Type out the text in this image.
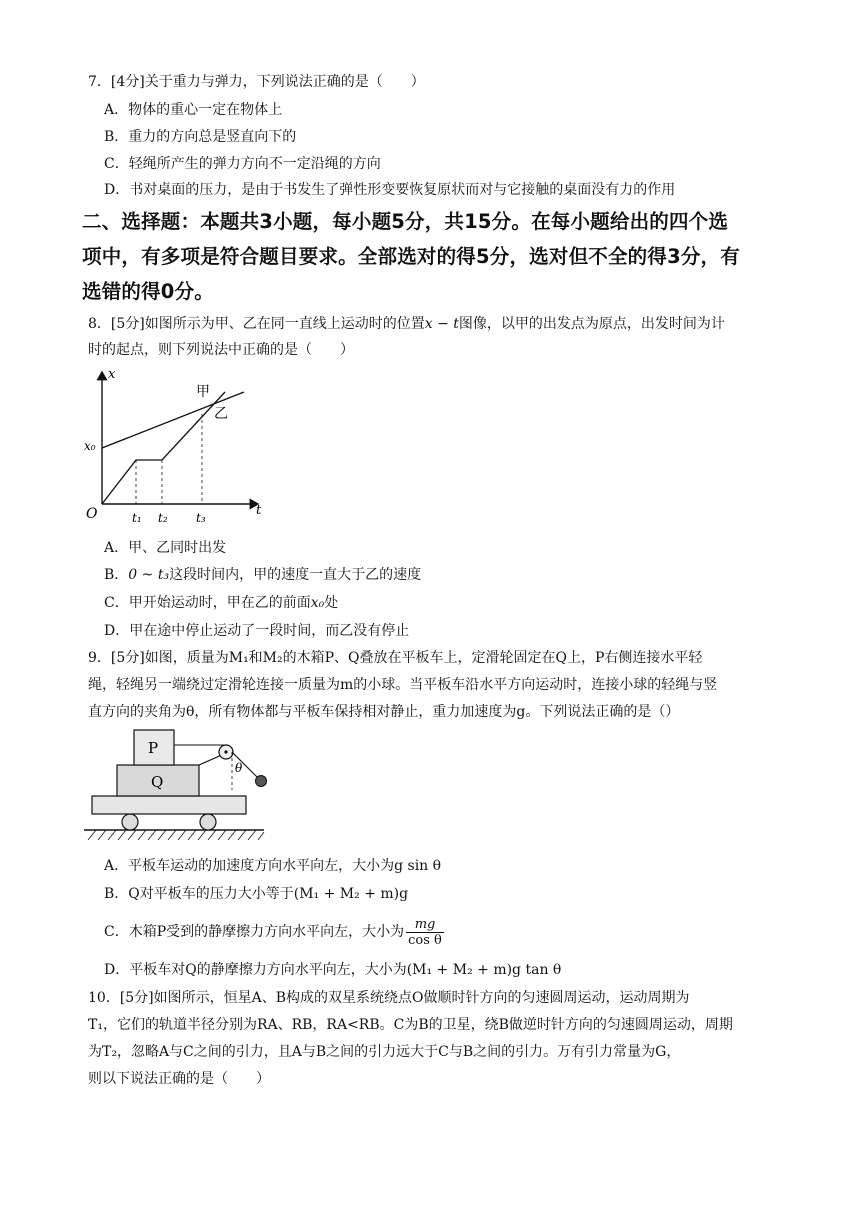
7．[4分]关于重力与弹力，下列说法正确的是（　　）
A．物体的重心一定在物体上
B．重力的方向总是竖直向下的
C．轻绳所产生的弹力方向不一定沿绳的方向
D．书对桌面的压力，是由于书发生了弹性形变要恢复原状而对与它接触的桌面没有力的作用
二、选择题：本题共3小题，每小题5分，共15分。在每小题给出的四个选
项中，有多项是符合题目要求。全部选对的得5分，选对但不全的得3分，有
选错的得0分。
8．[5分]如图所示为甲、乙在同一直线上运动时的位置x − t图像，以甲的出发点为原点，出发时间为计
时的起点，则下列说法中正确的是（　　）
x
t
O
x₀
t₁ t₂ t₃
甲
乙
A．甲、乙同时出发
B．0 ~ t₃这段时间内，甲的速度一直大于乙的速度
C．甲开始运动时，甲在乙的前面x₀处
D．甲在途中停止运动了一段时间，而乙没有停止
9．[5分]如图，质量为M₁和M₂的木箱P、Q叠放在平板车上，定滑轮固定在Q上，P右侧连接水平轻
绳，轻绳另一端绕过定滑轮连接一质量为m的小球。当平板车沿水平方向运动时，连接小球的轻绳与竖
直方向的夹角为θ，所有物体都与平板车保持相对静止，重力加速度为g。下列说法正确的是（）
Q
P
θ
A．平板车运动的加速度方向水平向左，大小为g sin θ
B．Q对平板车的压力大小等于(M₁ + M₂ + m)g
C．木箱P受到的静摩擦力方向水平向左，大小为 $\frac{mg}{\text{cos θ}}$
D．平板车对Q的静摩擦力方向水平向左，大小为(M₁ + M₂ + m)g tan θ
10．[5分]如图所示，恒星A、B构成的双星系统绕点O做顺时针方向的匀速圆周运动，运动周期为
T₁，它们的轨道半径分别为RA、RB，RA<RB。C为B的卫星，绕B做逆时针方向的匀速圆周运动，周期
为T₂，忽略A与C之间的引力，且A与B之间的引力远大于C与B之间的引力。万有引力常量为G，
则以下说法正确的是（　　）
